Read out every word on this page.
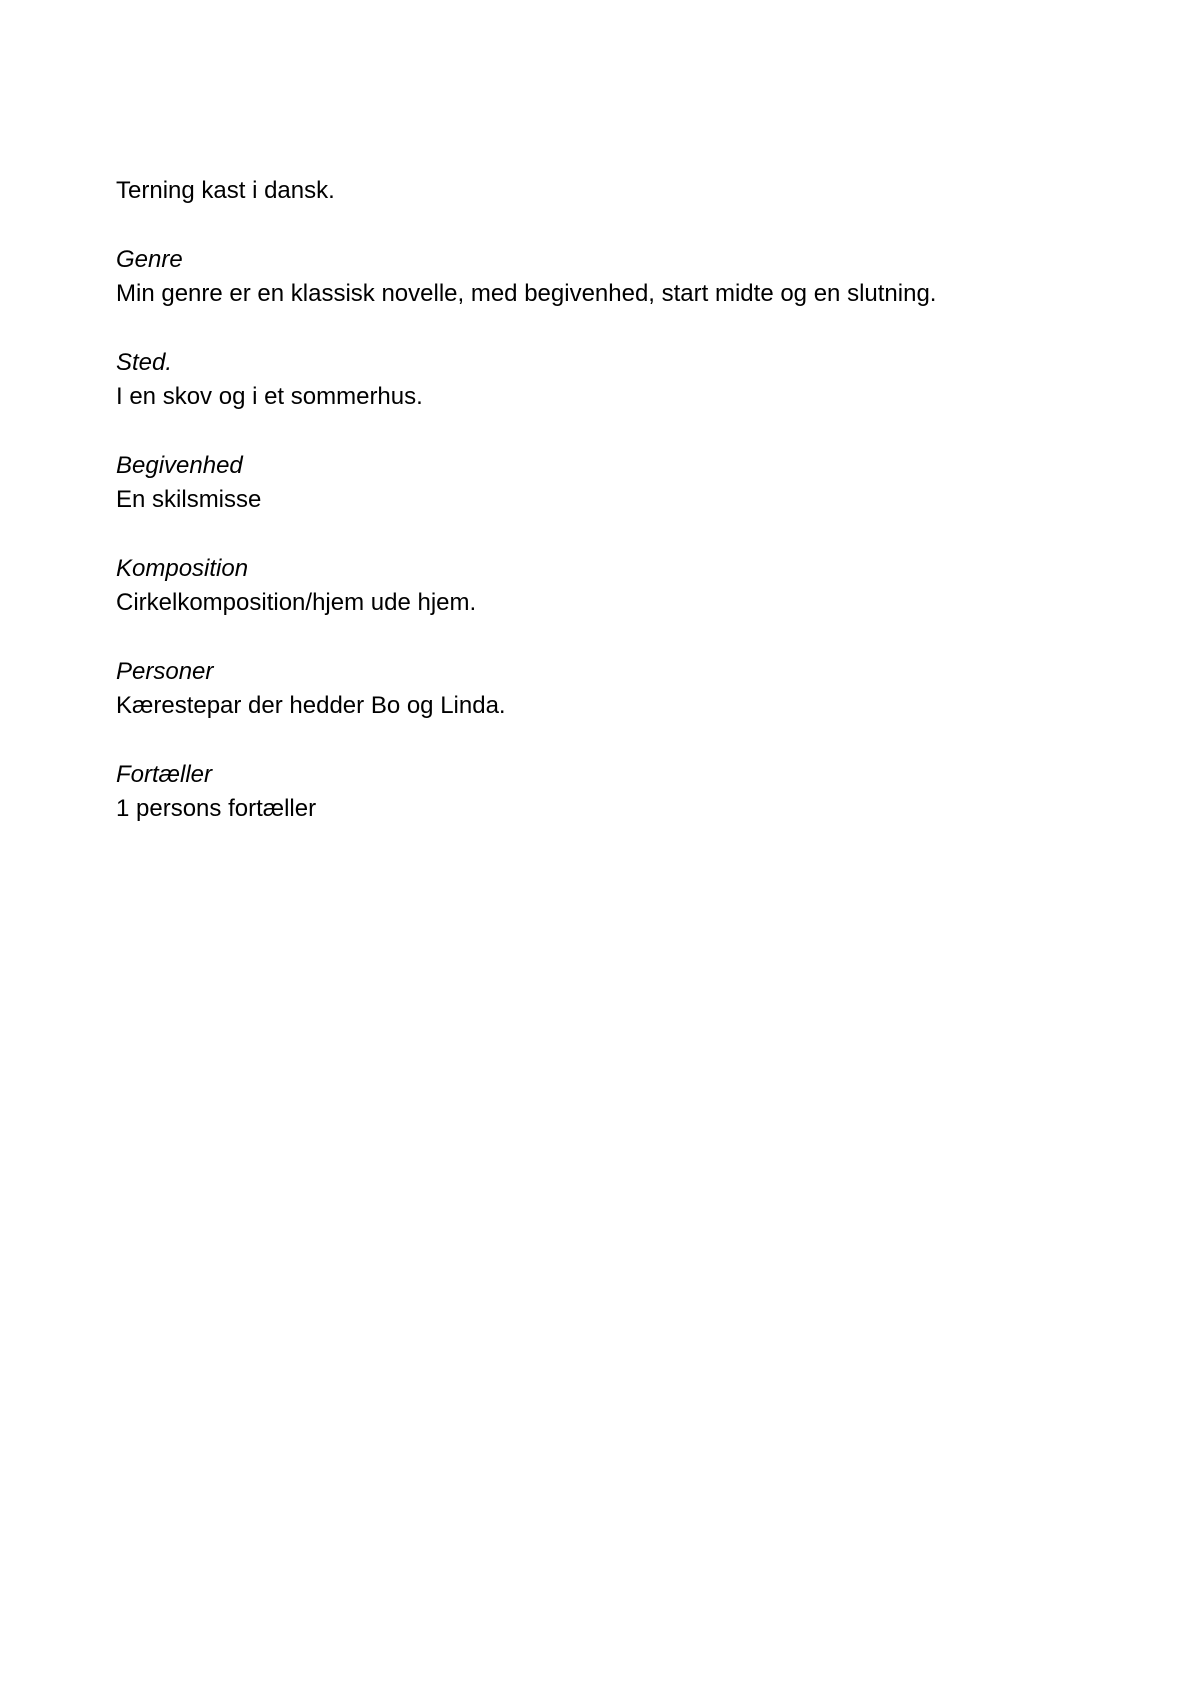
Terning kast i dansk.
Genre
Min genre er en klassisk novelle, med begivenhed, start midte og en slutning.
Sted.
I en skov og i et sommerhus.
Begivenhed
En skilsmisse
Komposition
Cirkelkomposition/hjem ude hjem.
Personer
Kærestepar der hedder Bo og Linda.
Fortæller
1 persons fortæller
